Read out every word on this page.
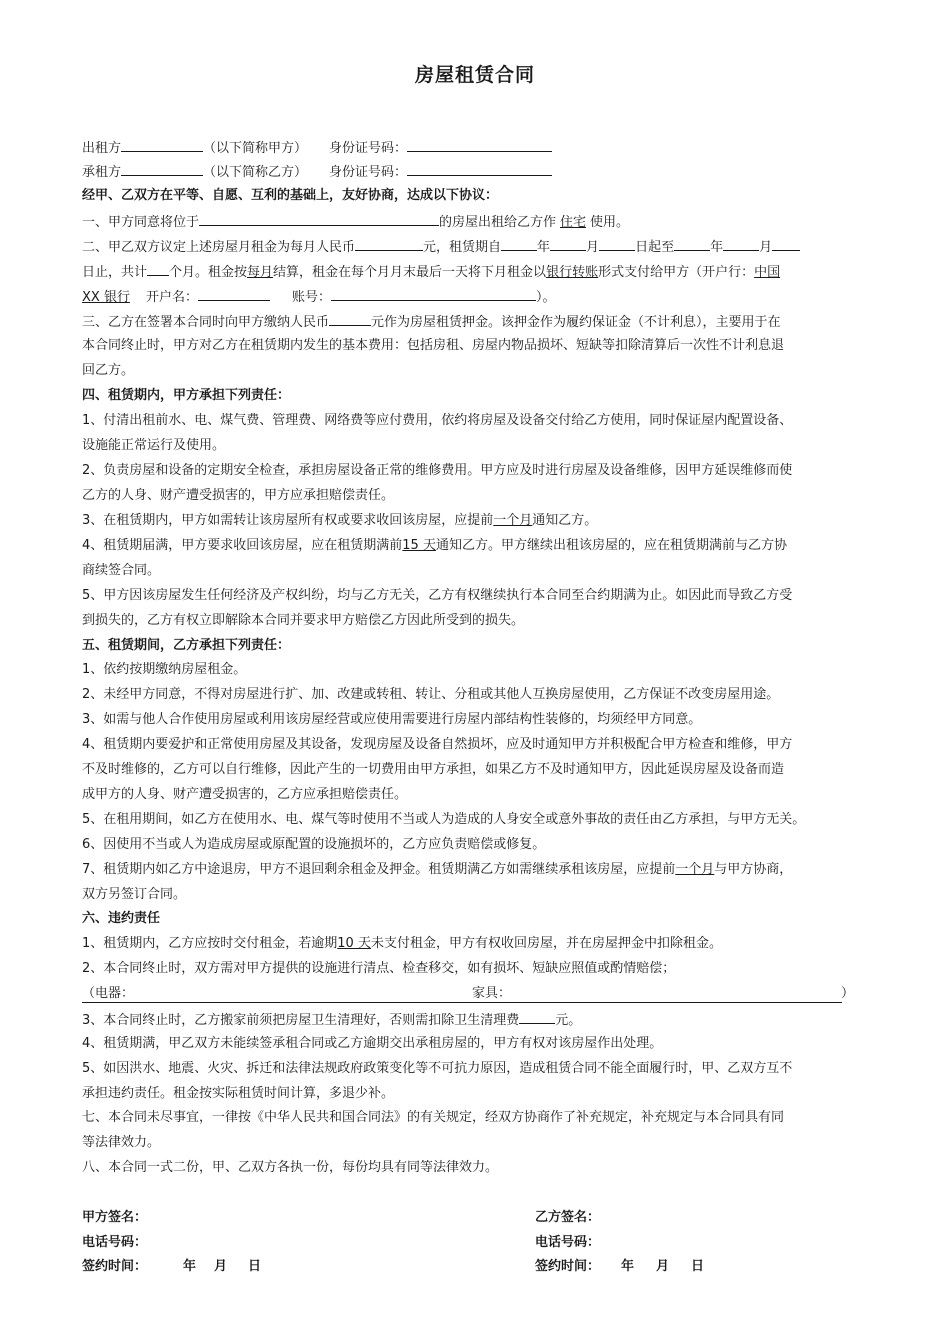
房屋租赁合同
出租方	（以下简称甲方） 身份证号码：
承租方	（以下简称乙方） 身份证号码：
经甲、乙双方在平等、自愿、互利的基础上，友好协商，达成以下协议：
一、甲方同意将位于	的房屋出租给乙方作 住宅 使用。
二、甲乙双方议定上述房屋月租金为每月人民币	元，租赁期自	年	月	日起至	年	月
日止，共计 个月。租金按每月结算，租金在每个月月末最后一天将下月租金以银行转账形式支付给甲方（开户行：中国
XX 银行 开户名：	账号：	）。
三、乙方在签署本合同时向甲方缴纳人民币	元作为房屋租赁押金。该押金作为履约保证金（不计利息），主要用于在
本合同终止时，甲方对乙方在租赁期内发生的基本费用：包括房租、房屋内物品损坏、短缺等扣除清算后一次性不计利息退
回乙方。
四、租赁期内，甲方承担下列责任：
1、付清出租前水、电、煤气费、管理费、网络费等应付费用，依约将房屋及设备交付给乙方使用，同时保证屋内配置设备、
设施能正常运行及使用。
2、负责房屋和设备的定期安全检查，承担房屋设备正常的维修费用。甲方应及时进行房屋及设备维修，因甲方延误维修而使
乙方的人身、财产遭受损害的，甲方应承担赔偿责任。
3、在租赁期内，甲方如需转让该房屋所有权或要求收回该房屋，应提前一个月通知乙方。
4、租赁期届满，甲方要求收回该房屋，应在租赁期满前15 天通知乙方。甲方继续出租该房屋的，应在租赁期满前与乙方协
商续签合同。
5、甲方因该房屋发生任何经济及产权纠纷，均与乙方无关，乙方有权继续执行本合同至合约期满为止。如因此而导致乙方受
到损失的，乙方有权立即解除本合同并要求甲方赔偿乙方因此所受到的损失。
五、租赁期间，乙方承担下列责任：
1、依约按期缴纳房屋租金。
2、未经甲方同意，不得对房屋进行扩、加、改建或转租、转让、分租或其他人互换房屋使用，乙方保证不改变房屋用途。
3、如需与他人合作使用房屋或利用该房屋经营或应使用需要进行房屋内部结构性装修的，均须经甲方同意。
4、租赁期内要爱护和正常使用房屋及其设备，发现房屋及设备自然损坏，应及时通知甲方并积极配合甲方检查和维修，甲方
不及时维修的，乙方可以自行维修，因此产生的一切费用由甲方承担，如果乙方不及时通知甲方，因此延误房屋及设备而造
成甲方的人身、财产遭受损害的，乙方应承担赔偿责任。
5、在租用期间，如乙方在使用水、电、煤气等时使用不当或人为造成的人身安全或意外事故的责任由乙方承担，与甲方无关。
6、因使用不当或人为造成房屋或原配置的设施损坏的，乙方应负责赔偿或修复。
7、租赁期内如乙方中途退房，甲方不退回剩余租金及押金。租赁期满乙方如需继续承租该房屋，应提前一个月与甲方协商，
双方另签订合同。
六、违约责任
1、租赁期内，乙方应按时交付租金，若逾期10 天未支付租金，甲方有权收回房屋，并在房屋押金中扣除租金。
2、本合同终止时，双方需对甲方提供的设施进行清点、检查移交，如有损坏、短缺应照值或酌情赔偿；
（电器：	家具：	）
3、本合同终止时，乙方搬家前须把房屋卫生清理好，否则需扣除卫生清理费	元。
4、租赁期满，甲乙双方未能续签承租合同或乙方逾期交出承租房屋的，甲方有权对该房屋作出处理。
5、如因洪水、地震、火灾、拆迁和法律法规政府政策变化等不可抗力原因，造成租赁合同不能全面履行时，甲、乙双方互不
承担违约责任。租金按实际租赁时间计算，多退少补。
七、本合同未尽事宜，一律按《中华人民共和国合同法》的有关规定，经双方协商作了补充规定，补充规定与本合同具有同
等法律效力。
八、本合同一式二份，甲、乙双方各执一份，每份均具有同等法律效力。
甲方签名：
电话号码：
签约时间：	年 月 日
乙方签名：
电话号码：
签约时间： 年 月 日
